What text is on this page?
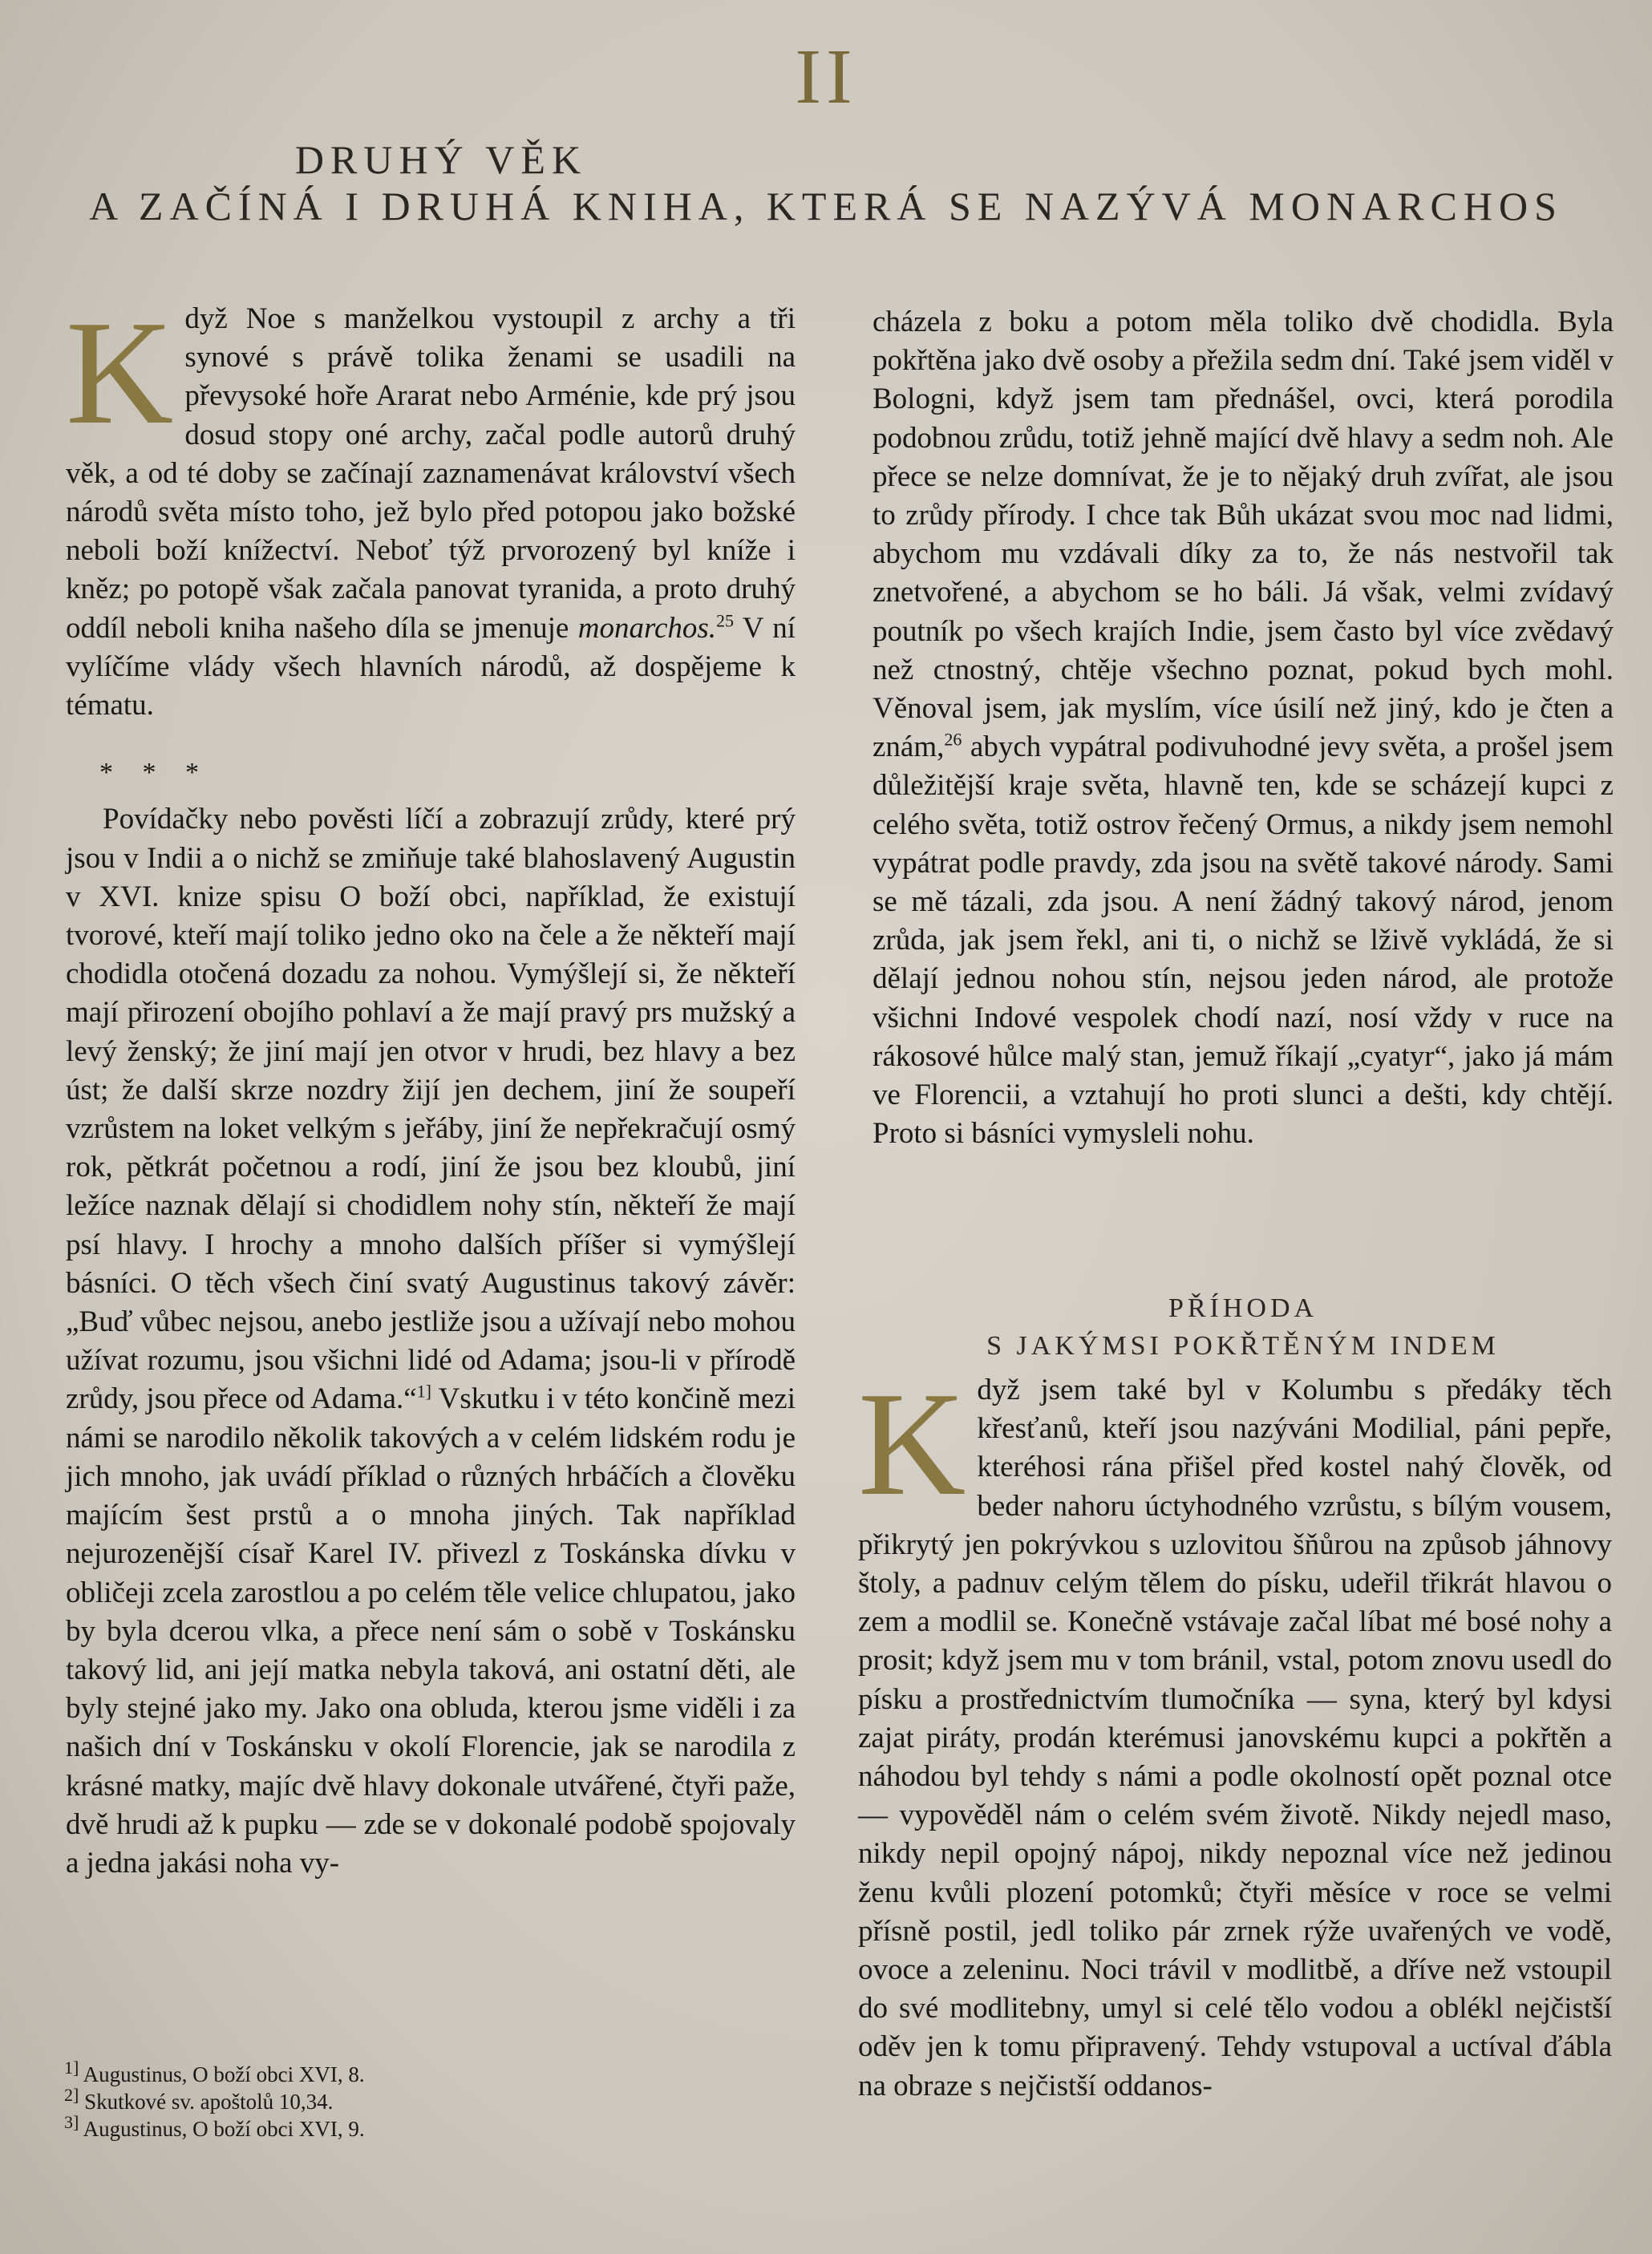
II
DRUHÝ VĚK
A ZAČÍNÁ I DRUHÁ KNIHA, KTERÁ SE NAZÝVÁ MONARCHOS

Když Noe s manželkou vystoupil z archy a tři synové s právě tolika ženami se usadili na převysoké hoře Ararat nebo Arménie, kde prý jsou dosud stopy oné archy, začal podle autorů druhý věk, a od té doby se začínají zaznamenávat království všech národů světa místo toho, jež bylo před potopou jako božské neboli boží knížectví. Neboť týž prvorozený byl kníže i kněz; po potopě však začala panovat tyranida, a proto druhý oddíl neboli kniha našeho díla se jmenuje monarchos.$^{25}$ V ní vylíčíme vlády všech hlavních národů, až dospějeme k tématu.

* * *

Povídačky nebo pověsti líčí a zobrazují zrůdy, které prý jsou v Indii a o nichž se zmiňuje také blahoslavený Augustin v XVI. knize spisu O boží obci, například, že existují tvorové, kteří mají toliko jedno oko na čele a že někteří mají chodidla otočená dozadu za nohou. Vymýšlejí si, že někteří mají přirození obojího pohlaví a že mají pravý prs mužský a levý ženský; že jiní mají jen otvor v hrudi, bez hlavy a bez úst; že další skrze nozdry žijí jen dechem, jiní že soupeří vzrůstem na loket velkým s jeřáby, jiní že nepřekračují osmý rok, pětkrát početnou a rodí, jiní že jsou bez kloubů, jiní ležíce naznak dělají si chodidlem nohy stín, někteří že mají psí hlavy. I hrochy a mnoho dalších příšer si vymýšlejí básníci. O těch všech činí svatý Augustinus takový závěr: „Buď vůbec nejsou, anebo jestliže jsou a užívají nebo mohou užívat rozumu, jsou všichni lidé od Adama; jsou-li v přírodě zrůdy, jsou přece od Adama.“$^{1]}$ Vskutku i v této končině mezi námi se narodilo několik takových a v celém lidském rodu je jich mnoho, jak uvádí příklad o různých hrbáčích a člověku majícím šest prstů a o mnoha jiných. Tak například nejurozenější císař Karel IV. přivezl z Toskánska dívku v obličeji zcela zarostlou a po celém těle velice chlupatou, jako by byla dcerou vlka, a přece není sám o sobě v Toskánsku takový lid, ani její matka nebyla taková, ani ostatní děti, ale byly stejné jako my. Jako ona obluda, kterou jsme viděli i za našich dní v Toskánsku v okolí Florencie, jak se narodila z krásné matky, majíc dvě hlavy dokonale utvářené, čtyři paže, dvě hrudi až k pupku — zde se v dokonalé podobě spojovaly a jedna jakási noha vy-

cházela z boku a potom měla toliko dvě chodidla. Byla pokřtěna jako dvě osoby a přežila sedm dní. Také jsem viděl v Bologni, když jsem tam přednášel, ovci, která porodila podobnou zrůdu, totiž jehně mající dvě hlavy a sedm noh. Ale přece se nelze domnívat, že je to nějaký druh zvířat, ale jsou to zrůdy přírody. I chce tak Bůh ukázat svou moc nad lidmi, abychom mu vzdávali díky za to, že nás nestvořil tak znetvořené, a abychom se ho báli. Já však, velmi zvídavý poutník po všech krajích Indie, jsem často byl více zvědavý než ctnostný, chtěje všechno poznat, pokud bych mohl. Věnoval jsem, jak myslím, více úsilí než jiný, kdo je čten a znám,$^{26}$ abych vypátral podivuhodné jevy světa, a prošel jsem důležitější kraje světa, hlavně ten, kde se scházejí kupci z celého světa, totiž ostrov řečený Ormus, a nikdy jsem nemohl vypátrat podle pravdy, zda jsou na světě takové národy. Sami se mě tázali, zda jsou. A není žádný takový národ, jenom zrůda, jak jsem řekl, ani ti, o nichž se lživě vykládá, že si dělají jednou nohou stín, nejsou jeden národ, ale protože všichni Indové vespolek chodí nazí, nosí vždy v ruce na rákosové hůlce malý stan, jemuž říkají „cyatyr“, jako já mám ve Florencii, a vztahují ho proti slunci a dešti, kdy chtějí. Proto si básníci vymysleli nohu.

PŘÍHODA
S JAKÝMSI POKŘTĚNÝM INDEM

Když jsem také byl v Kolumbu s předáky těch křesťanů, kteří jsou nazýváni Modilial, páni pepře, kteréhosi rána přišel před kostel nahý člověk, od beder nahoru úctyhodného vzrůstu, s bílým vousem, přikrytý jen pokrývkou s uzlovitou šňůrou na způsob jáhnovy štoly, a padnuv celým tělem do písku, udeřil třikrát hlavou o zem a modlil se. Konečně vstávaje začal líbat mé bosé nohy a prosit; když jsem mu v tom bránil, vstal, potom znovu usedl do písku a prostřednictvím tlumočníka — syna, který byl kdysi zajat piráty, prodán kterémusi janovskému kupci a pokřtěn a náhodou byl tehdy s námi a podle okolností opět poznal otce — vypověděl nám o celém svém životě. Nikdy nejedl maso, nikdy nepil opojný nápoj, nikdy nepoznal více než jedinou ženu kvůli plození potomků; čtyři měsíce v roce se velmi přísně postil, jedl toliko pár zrnek rýže uvařených ve vodě, ovoce a zeleninu. Noci trávil v modlitbě, a dříve než vstoupil do své modlitebny, umyl si celé tělo vodou a oblékl nejčistší oděv jen k tomu připravený. Tehdy vstupoval a uctíval ďábla na obraze s nejčistší oddanos-

$^{1]}$ Augustinus, O boží obci XVI, 8.
$^{2]}$ Skutkové sv. apoštolů 10,34.
$^{3]}$ Augustinus, O boží obci XVI, 9.
